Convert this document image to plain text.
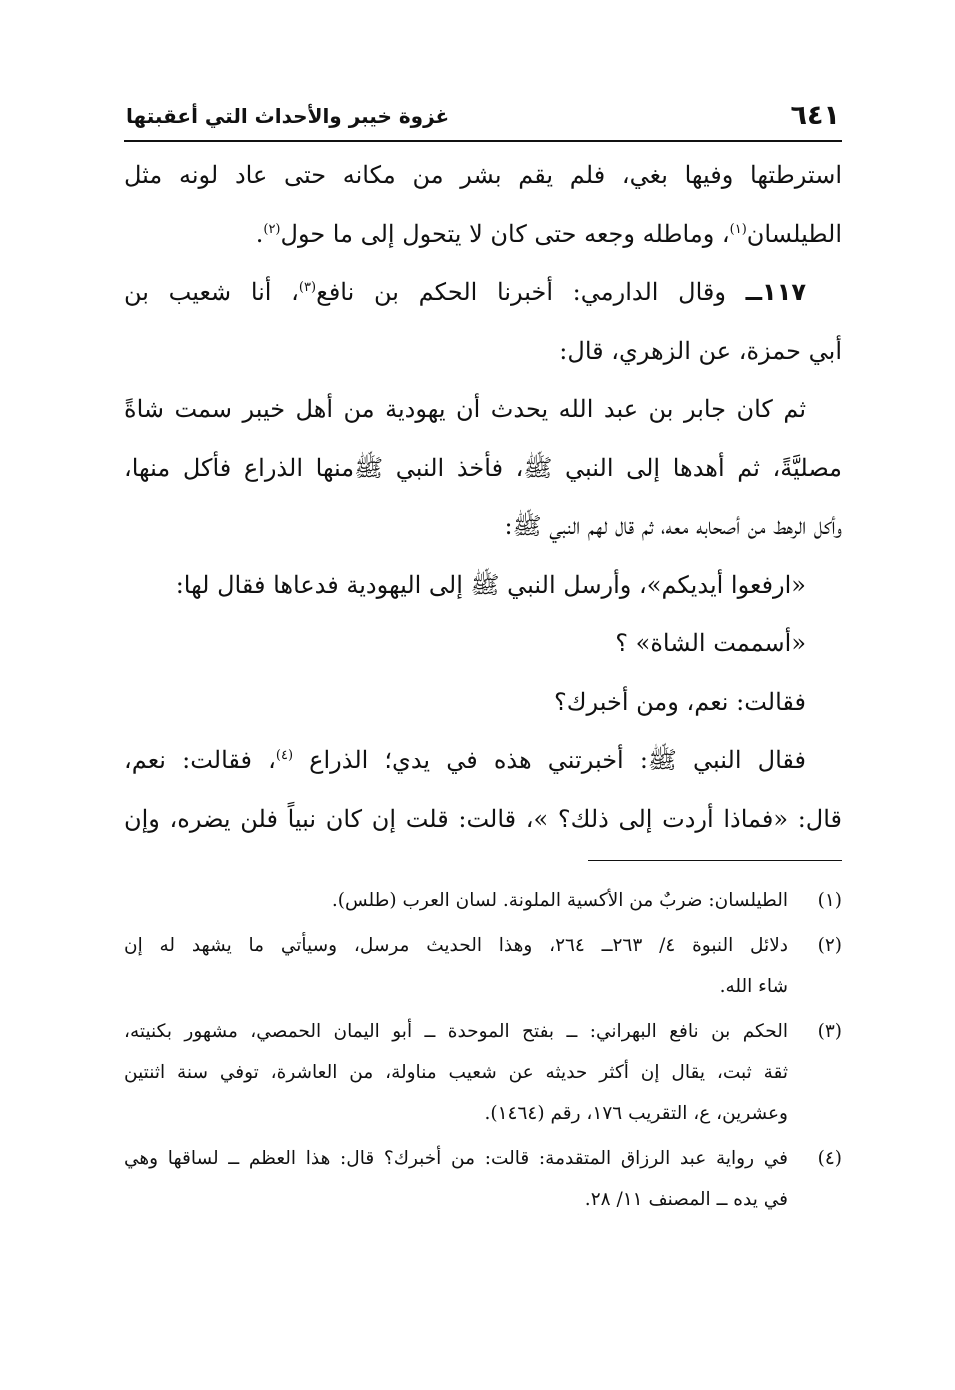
٦٤١
غزوة خيبر والأحداث التي أعقبتها
استرطتها وفيها بغي، فلم يقم بشر من مكانه حتى عاد لونه مثل
الطيلسان$^{(١)}$، وماطله وجعه حتى كان لا يتحول إلى ما حول$^{(٢)}$.
١١٧ــ وقال الدارمي: أخبرنا الحكم بن نافع$^{(٣)}$، أنا شعيب بن
أبي حمزة، عن الزهري، قال:
ثم كان جابر بن عبد الله يحدث أن يهودية من أهل خيبر سمت شاةً
مصليَّةً، ثم أهدها إلى النبي ﷺ، فأخذ النبي ﷺمنها الذراع فأكل منها،
وأكل الرهط من أصحابه معه، ثم قال لهم النبي ﷺ:
«ارفعوا أيديكم»، وأرسل النبي ﷺ إلى اليهودية فدعاها فقال لها:
«أسممت الشاة» ؟
فقالت: نعم، ومن أخبرك؟
فقال النبي ﷺ: أخبرتني هذه في يدي؛ الذراع $^{(٤)}$، فقالت: نعم،
قال: «فماذا أردت إلى ذلك؟ »، قالت: قلت إن كان نبياً فلن يضره، وإن
(١)
الطيلسان: ضربٌ من الأكسية الملونة. لسان العرب (طلس).
(٢)
دلائل النبوة ٤/ ٢٦٣ــ ٢٦٤، وهذا الحديث مرسل، وسيأتي ما يشهد له إن
شاء الله.
(٣)
الحكم بن نافع البهراني: ــ بفتح الموحدة ــ أبو اليمان الحمصي، مشهور بكنيته،
ثقة ثبت، يقال إن أكثر حديثه عن شعيب مناولة، من العاشرة، توفي سنة اثنتين
وعشرين، ع، التقريب ١٧٦، رقم (١٤٦٤).
(٤)
في رواية عبد الرزاق المتقدمة: قالت: من أخبرك؟ قال: هذا العظم ــ لساقها وهي
في يده ــ المصنف ١١/ ٢٨.
